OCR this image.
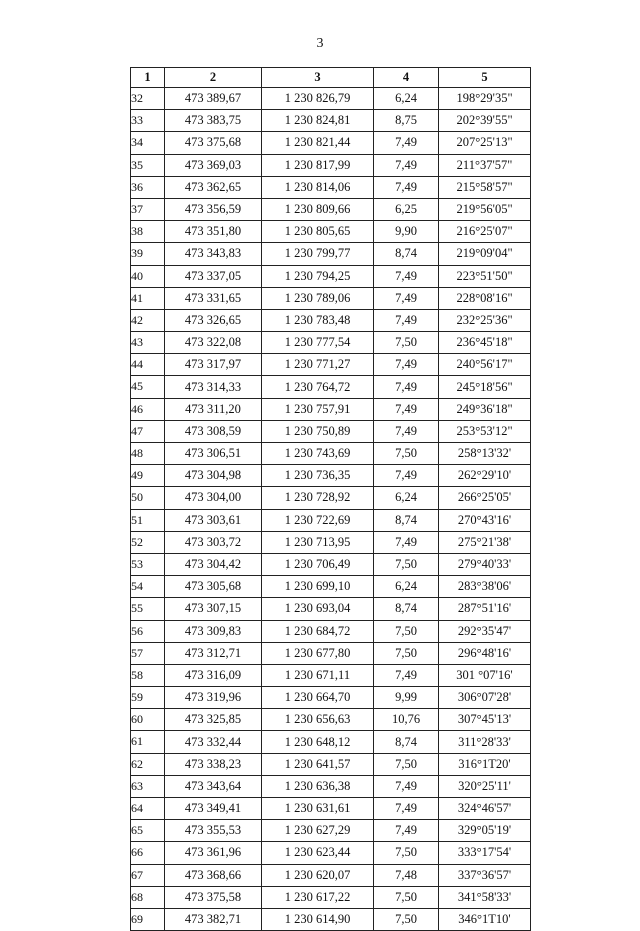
3
1	2	3	4	5
32	473 389,67	1 230 826,79	6,24	198°29'35"
33	473 383,75	1 230 824,81	8,75	202°39'55"
34	473 375,68	1 230 821,44	7,49	207°25'13"
35	473 369,03	1 230 817,99	7,49	211°37'57"
36	473 362,65	1 230 814,06	7,49	215°58'57"
37	473 356,59	1 230 809,66	6,25	219°56'05"
38	473 351,80	1 230 805,65	9,90	216°25'07"
39	473 343,83	1 230 799,77	8,74	219°09'04"
40	473 337,05	1 230 794,25	7,49	223°51'50"
41	473 331,65	1 230 789,06	7,49	228°08'16"
42	473 326,65	1 230 783,48	7,49	232°25'36"
43	473 322,08	1 230 777,54	7,50	236°45'18"
44	473 317,97	1 230 771,27	7,49	240°56'17"
45	473 314,33	1 230 764,72	7,49	245°18'56"
46	473 311,20	1 230 757,91	7,49	249°36'18"
47	473 308,59	1 230 750,89	7,49	253°53'12"
48	473 306,51	1 230 743,69	7,50	258°13'32'
49	473 304,98	1 230 736,35	7,49	262°29'10'
50	473 304,00	1 230 728,92	6,24	266°25'05'
51	473 303,61	1 230 722,69	8,74	270°43'16'
52	473 303,72	1 230 713,95	7,49	275°21'38'
53	473 304,42	1 230 706,49	7,50	279°40'33'
54	473 305,68	1 230 699,10	6,24	283°38'06'
55	473 307,15	1 230 693,04	8,74	287°51'16'
56	473 309,83	1 230 684,72	7,50	292°35'47'
57	473 312,71	1 230 677,80	7,50	296°48'16'
58	473 316,09	1 230 671,11	7,49	301 °07'16'
59	473 319,96	1 230 664,70	9,99	306°07'28'
60	473 325,85	1 230 656,63	10,76	307°45'13'
61	473 332,44	1 230 648,12	8,74	311°28'33'
62	473 338,23	1 230 641,57	7,50	316°1T20'
63	473 343,64	1 230 636,38	7,49	320°25'11'
64	473 349,41	1 230 631,61	7,49	324°46'57'
65	473 355,53	1 230 627,29	7,49	329°05'19'
66	473 361,96	1 230 623,44	7,50	333°17'54'
67	473 368,66	1 230 620,07	7,48	337°36'57'
68	473 375,58	1 230 617,22	7,50	341°58'33'
69	473 382,71	1 230 614,90	7,50	346°1T10'
